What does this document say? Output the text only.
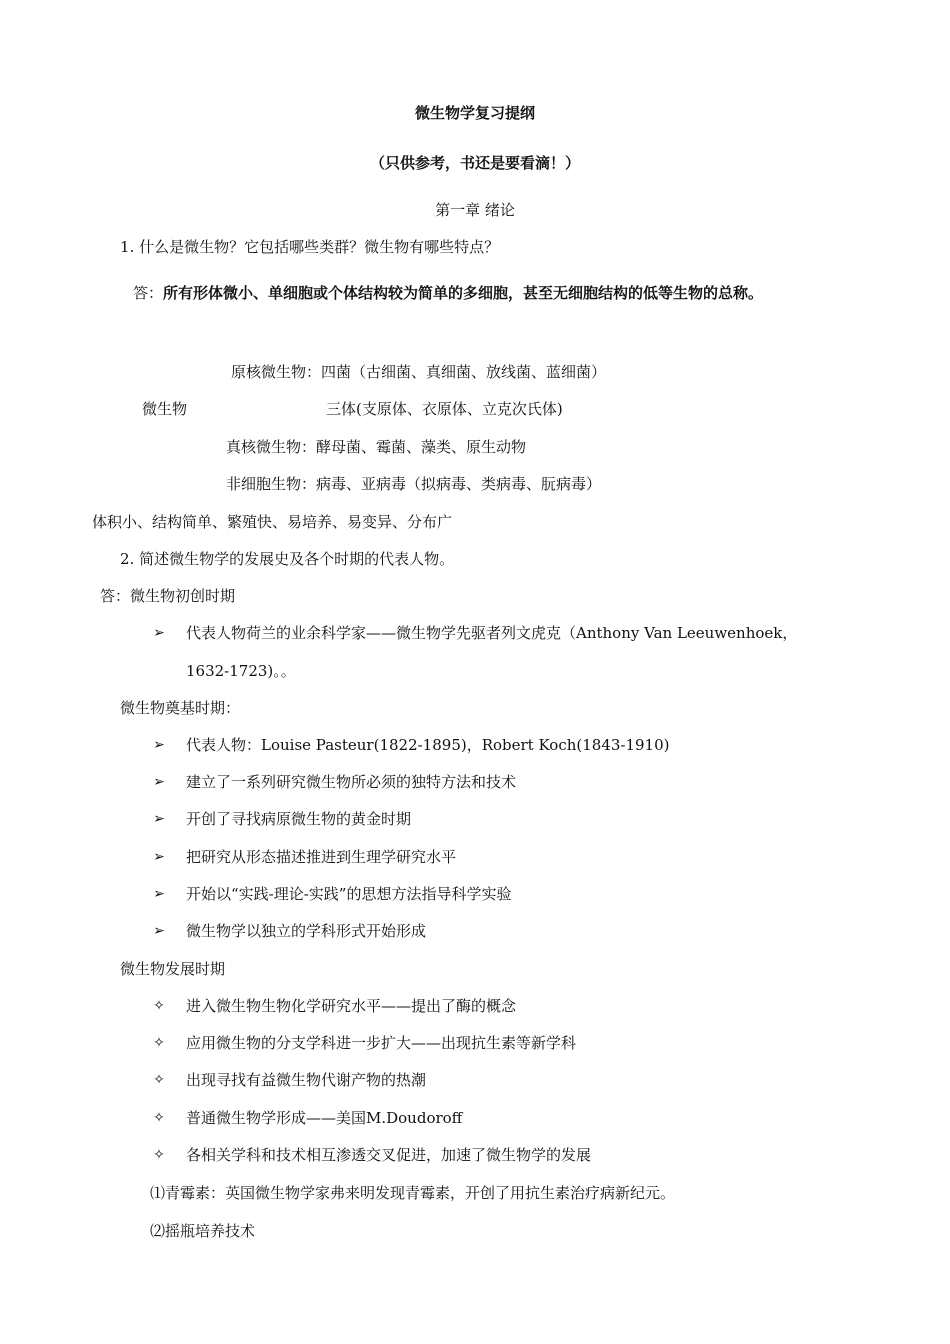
微生物学复习提纲
（只供参考，书还是要看滴！）
第一章 绪论
1. 什么是微生物？它包括哪些类群？微生物有哪些特点？
答：所有形体微小、单细胞或个体结构较为简单的多细胞，甚至无细胞结构的低等生物的总称。
原核微生物：四菌（古细菌、真细菌、放线菌、蓝细菌）
微生物	三体(支原体、衣原体、立克次氏体)
真核微生物：酵母菌、霉菌、藻类、原生动物
非细胞生物：病毒、亚病毒（拟病毒、类病毒、朊病毒）
体积小、结构简单、繁殖快、易培养、易变异、分布广
2. 简述微生物学的发展史及各个时期的代表人物。
答：微生物初创时期
➢ 代表人物荷兰的业余科学家——微生物学先驱者列文虎克（Anthony Van Leeuwenhoek，
1632-1723)。。
微生物奠基时期：
➢ 代表人物：Louise Pasteur(1822-1895)，Robert Koch(1843-1910)
➢ 建立了一系列研究微生物所必须的独特方法和技术
➢ 开创了寻找病原微生物的黄金时期
➢ 把研究从形态描述推进到生理学研究水平
➢ 开始以“实践-理论-实践”的思想方法指导科学实验
➢ 微生物学以独立的学科形式开始形成
微生物发展时期
✧ 进入微生物生物化学研究水平——提出了酶的概念
✧ 应用微生物的分支学科进一步扩大——出现抗生素等新学科
✧ 出现寻找有益微生物代谢产物的热潮
✧ 普通微生物学形成——美国M.Doudoroff
✧ 各相关学科和技术相互渗透交叉促进，加速了微生物学的发展
⑴青霉素：英国微生物学家弗来明发现青霉素，开创了用抗生素治疗病新纪元。
⑵摇瓶培养技术
